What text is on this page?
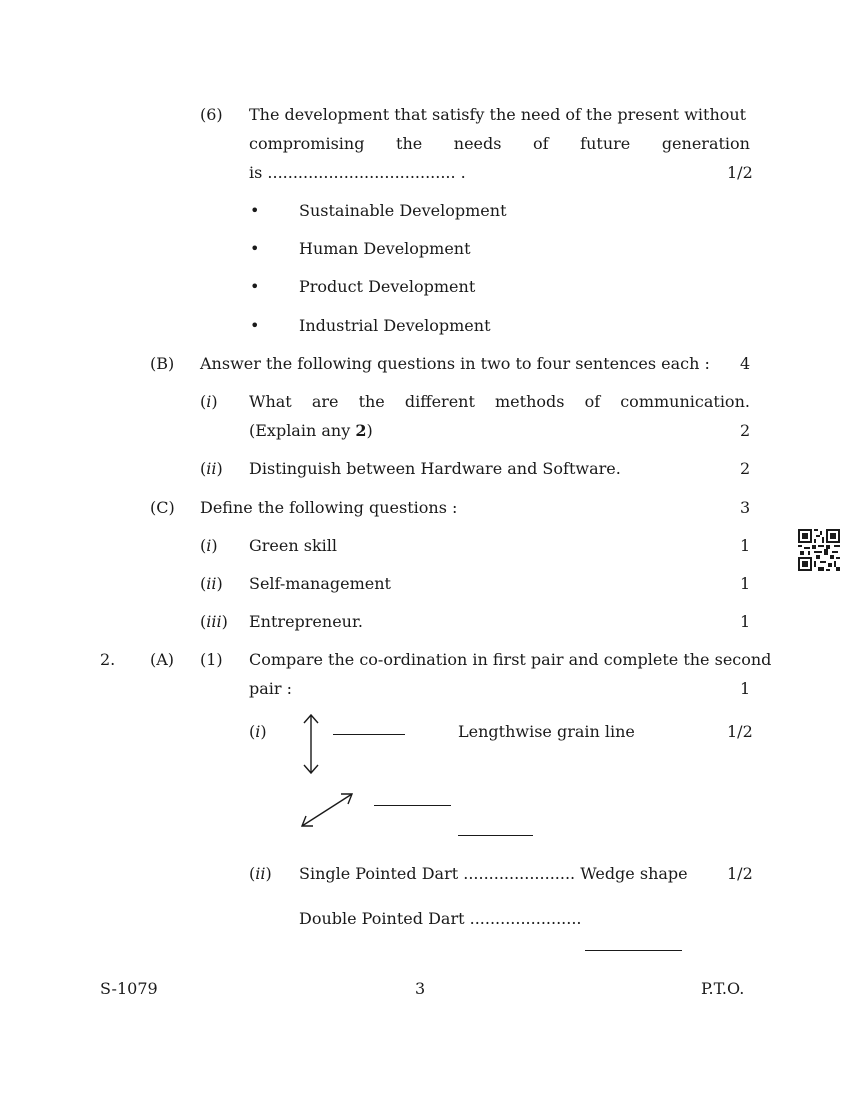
(6) The development that satisfy the need of the present without
compromising the needs of future generation
is ..................................... .	1/2
• Sustainable Development
• Human Development
• Product Development
• Industrial Development
(B) Answer the following questions in two to four sentences each : 4
(i) What are the different methods of communication.
(Explain any 2)	2
(ii) Distinguish between Hardware and Software.	2
(C) Define the following questions :	3
(i) Green skill	1
(ii) Self-management	1
(iii) Entrepreneur.	1
2. (A) (1) Compare the co-ordination in first pair and complete the second
pair :	1
(i)	Lengthwise grain line	1/2
(ii) Single Pointed Dart ...................... Wedge shape 1/2
Double Pointed Dart ......................
S-1079	3	P.T.O.
